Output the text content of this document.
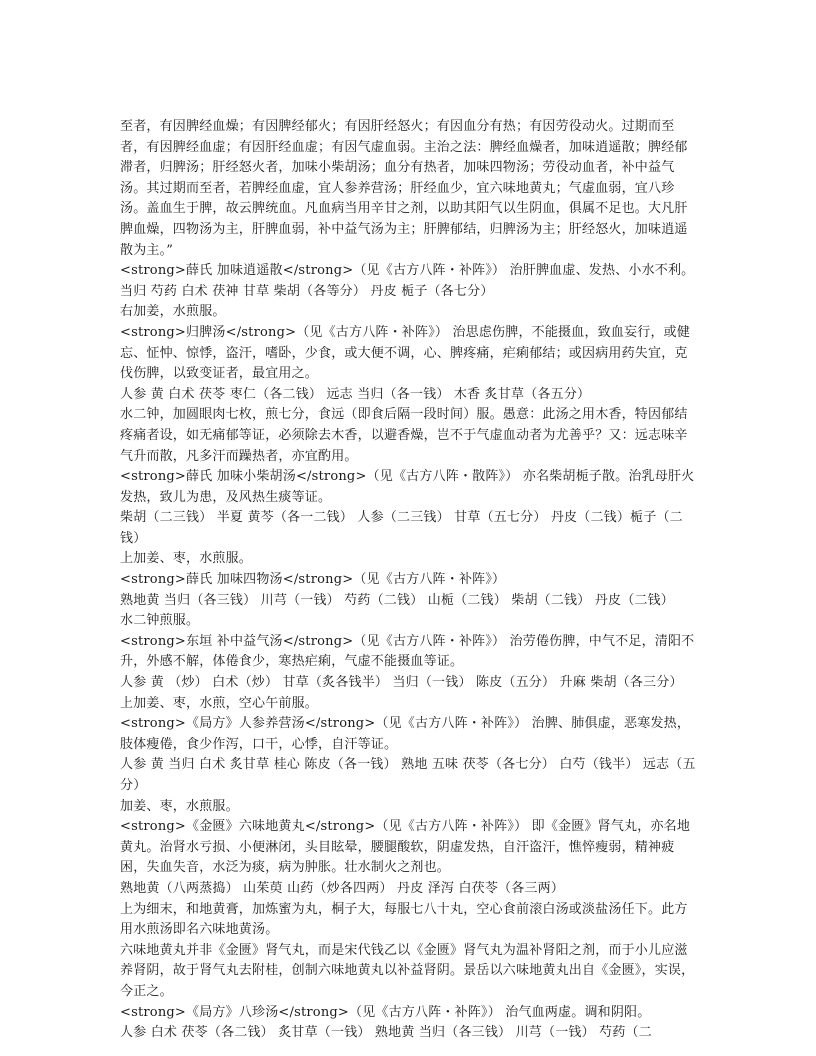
至者，有因脾经血燥；有因脾经郁火；有因肝经怒火；有因血分有热；有因劳役动火。过期而至者，有因脾经血虚；有因肝经血虚；有因气虚血弱。主治之法：脾经血燥者，加味逍遥散；脾经郁滞者，归脾汤；肝经怒火者，加味小柴胡汤；血分有热者，加味四物汤；劳役动血者，补中益气汤。其过期而至者，若脾经血虚，宜人参养营汤；肝经血少，宜六味地黄丸；气虚血弱，宜八珍汤。盖血生于脾，故云脾统血。凡血病当用辛甘之剂，以助其阳气以生阴血，俱属不足也。大凡肝脾血燥，四物汤为主，肝脾血弱，补中益气汤为主；肝脾郁结，归脾汤为主；肝经怒火，加味逍遥散为主。”

<strong>薛氏 加味逍遥散</strong>（见《古方八阵・补阵》） 治肝脾血虚、发热、小水不利。

当归 芍药 白术 茯神 甘草 柴胡（各等分） 丹皮 栀子（各七分）

右加姜，水煎服。

<strong>归脾汤</strong>（见《古方八阵・补阵》） 治思虑伤脾，不能摄血，致血妄行，或健忘、怔忡、惊悸，盗汗，嗜卧，少食，或大便不调，心、脾疼痛，疟痢郁结；或因病用药失宜，克伐伤脾，以致变证者，最宜用之。

人参 黄 白术 茯苓 枣仁（各二钱） 远志 当归（各一钱） 木香 炙甘草（各五分）

水二钟，加圆眼肉七枚，煎七分，食远（即食后隔一段时间）服。愚意：此汤之用木香，特因郁结疼痛者设，如无痛郁等证，必须除去木香，以避香燥，岂不于气虚血动者为尤善乎？又：远志味辛气升而散，凡多汗而躁热者，亦宜酌用。

<strong>薛氏 加味小柴胡汤</strong>（见《古方八阵・散阵》） 亦名柴胡栀子散。治乳母肝火发热，致儿为患，及风热生痰等证。

柴胡（二三钱） 半夏 黄芩（各一二钱） 人参（二三钱） 甘草（五七分） 丹皮（二钱）栀子（二钱）

上加姜、枣，水煎服。

<strong>薛氏 加味四物汤</strong>（见《古方八阵・补阵》）

熟地黄 当归（各三钱） 川芎（一钱） 芍药（二钱） 山栀（二钱） 柴胡（二钱） 丹皮（二钱）

水二钟煎服。

<strong>东垣 补中益气汤</strong>（见《古方八阵・补阵》） 治劳倦伤脾，中气不足，清阳不升，外感不解，体倦食少，寒热疟痢，气虚不能摄血等证。

人参 黄 （炒） 白术（炒） 甘草（炙各钱半） 当归（一钱） 陈皮（五分） 升麻 柴胡（各三分）

上加姜、枣，水煎，空心午前服。

<strong>《局方》人参养营汤</strong>（见《古方八阵・补阵》） 治脾、肺俱虚，恶寒发热，肢体瘦倦，食少作泻，口干，心悸，自汗等证。

人参 黄 当归 白术 炙甘草 桂心 陈皮（各一钱） 熟地 五味 茯苓（各七分） 白芍（钱半） 远志（五分）

加姜、枣，水煎服。

<strong>《金匮》六味地黄丸</strong>（见《古方八阵・补阵》） 即《金匮》肾气丸，亦名地黄丸。治肾水亏损、小便淋闭，头目眩晕，腰腿酸软，阴虚发热，自汗盗汗，憔悴瘦弱，精神疲困，失血失音，水泛为痰，病为肿胀。壮水制火之剂也。

熟地黄（八两蒸捣） 山茱萸 山药（炒各四两） 丹皮 泽泻 白茯苓（各三两）

上为细末，和地黄膏，加炼蜜为丸，桐子大，每服七八十丸，空心食前滚白汤或淡盐汤任下。此方用水煎汤即名六味地黄汤。

六味地黄丸并非《金匮》肾气丸，而是宋代钱乙以《金匮》肾气丸为温补肾阳之剂，而于小儿应滋养肾阴，故于肾气丸去附桂，创制六味地黄丸以补益肾阴。景岳以六味地黄丸出自《金匮》，实误，今正之。

<strong>《局方》八珍汤</strong>（见《古方八阵・补阵》） 治气血两虚。调和阴阳。

人参 白术 茯苓（各二钱） 炙甘草（一钱） 熟地黄 当归（各三钱） 川芎（一钱） 芍药（二
